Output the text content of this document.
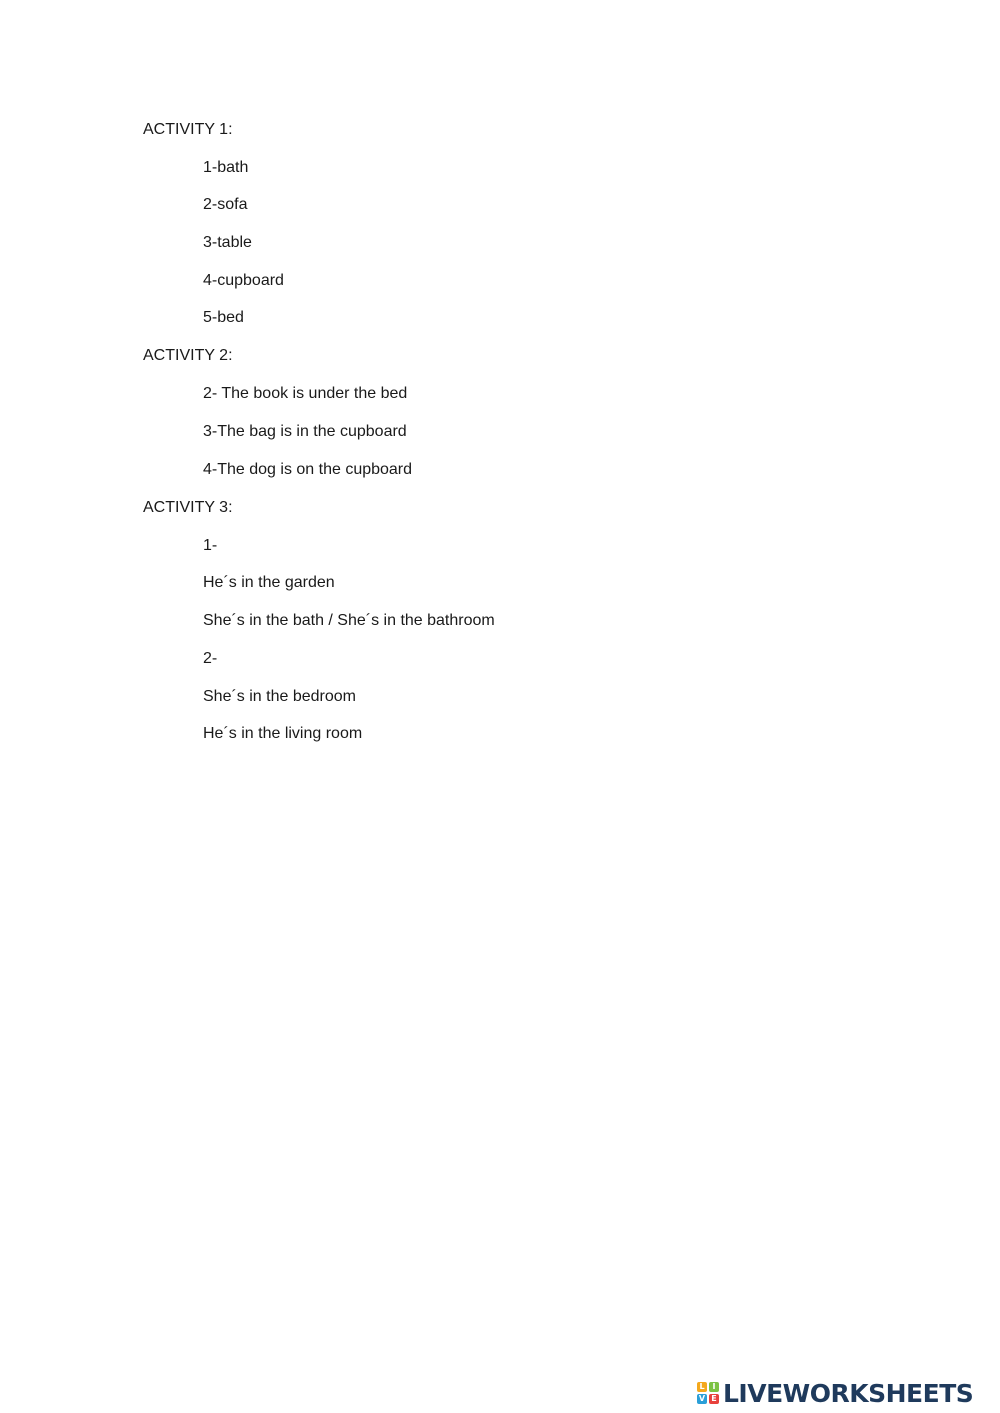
ACTIVITY 1:
1-bath
2-sofa
3-table
4-cupboard
5-bed
ACTIVITY 2:
2- The book is under the bed
3-The bag is in the cupboard
4-The dog is on the cupboard
ACTIVITY 3:
1-
He´s in the garden
She´s in the bath / She´s in the bathroom
2-
She´s in the bedroom
He´s in the living room
L I
V E LIVEWORKSHEETS
